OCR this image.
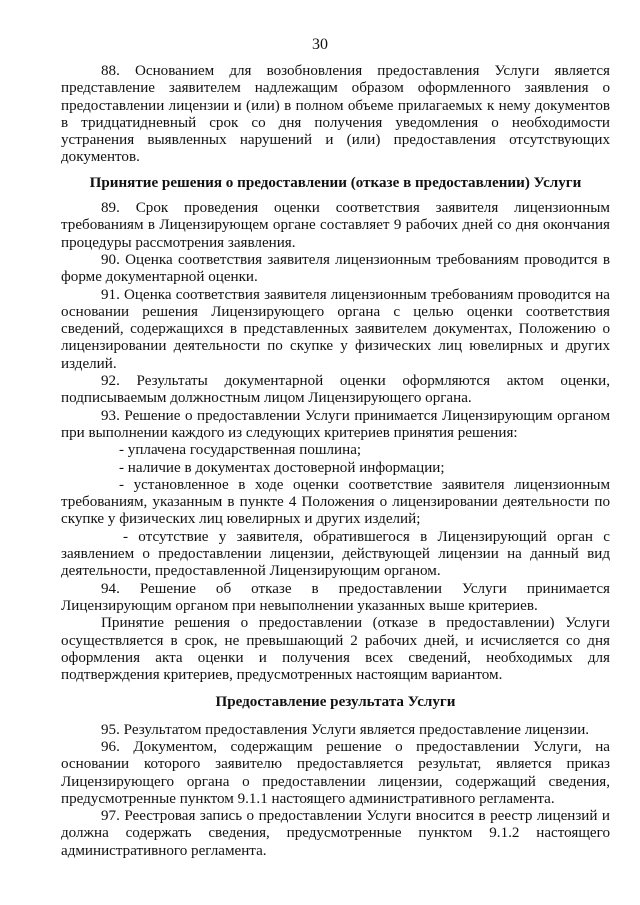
30

88. Основанием для возобновления предоставления Услуги является представление заявителем надлежащим образом оформленного заявления о предоставлении лицензии и (или) в полном объеме прилагаемых к нему документов в тридцатидневный срок со дня получения уведомления о необходимости устранения выявленных нарушений и (или) предоставления отсутствующих документов.

Принятие решения о предоставлении (отказе в предоставлении) Услуги

89. Срок проведения оценки соответствия заявителя лицензионным требованиям в Лицензирующем органе составляет 9 рабочих дней со дня окончания процедуры рассмотрения заявления.

90. Оценка соответствия заявителя лицензионным требованиям проводится в форме документарной оценки.

91. Оценка соответствия заявителя лицензионным требованиям проводится на основании решения Лицензирующего органа с целью оценки соответствия сведений, содержащихся в представленных заявителем документах, Положению о лицензировании деятельности по скупке у физических лиц ювелирных и других изделий.

92. Результаты документарной оценки оформляются актом оценки, подписываемым должностным лицом Лицензирующего органа.

93. Решение о предоставлении Услуги принимается Лицензирующим органом при выполнении каждого из следующих критериев принятия решения:

- уплачена государственная пошлина;

- наличие в документах достоверной информации;

- установленное в ходе оценки соответствие заявителя лицензионным требованиям, указанным в пункте 4 Положения о лицензировании деятельности по скупке у физических лиц ювелирных и других изделий;

- отсутствие у заявителя, обратившегося в Лицензирующий орган с заявлением о предоставлении лицензии, действующей лицензии на данный вид деятельности, предоставленной Лицензирующим органом.

94. Решение об отказе в предоставлении Услуги принимается Лицензирующим органом при невыполнении указанных выше критериев.

Принятие решения о предоставлении (отказе в предоставлении) Услуги осуществляется в срок, не превышающий 2 рабочих дней, и исчисляется со дня оформления акта оценки и получения всех сведений, необходимых для подтверждения критериев, предусмотренных настоящим вариантом.

Предоставление результата Услуги

95. Результатом предоставления Услуги является предоставление лицензии.

96. Документом, содержащим решение о предоставлении Услуги, на основании которого заявителю предоставляется результат, является приказ Лицензирующего органа о предоставлении лицензии, содержащий сведения, предусмотренные пунктом 9.1.1 настоящего административного регламента.

97. Реестровая запись о предоставлении Услуги вносится в реестр лицензий и должна содержать сведения, предусмотренные пунктом 9.1.2 настоящего административного регламента.
